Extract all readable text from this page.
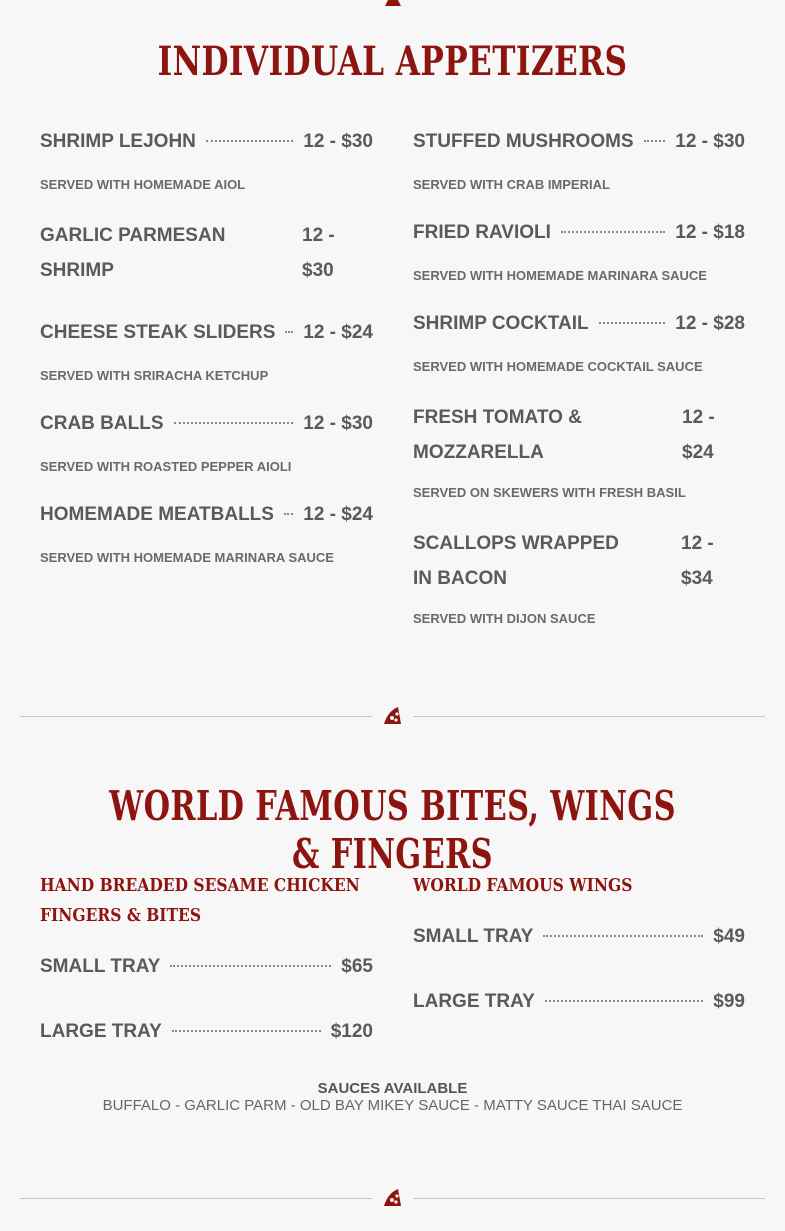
INDIVIDUAL APPETIZERS
SHRIMP LEJOHN	12 - $30
SERVED WITH HOMEMADE AIOL
GARLIC PARMESAN SHRIMP
12 - $30
CHEESE STEAK SLIDERS 12 - $24
SERVED WITH SRIRACHA KETCHUP
CRAB BALLS	12 - $30
SERVED WITH ROASTED PEPPER AIOLI
HOMEMADE MEATBALLS 12 - $24
SERVED WITH HOMEMADE MARINARA SAUCE
STUFFED MUSHROOMS 12 - $30
SERVED WITH CRAB IMPERIAL
FRIED RAVIOLI	12 - $18
SERVED WITH HOMEMADE MARINARA SAUCE
SHRIMP COCKTAIL	12 - $28
SERVED WITH HOMEMADE COCKTAIL SAUCE
FRESH TOMATO & MOZZARELLA
12 - $24
SERVED ON SKEWERS WITH FRESH BASIL
SCALLOPS WRAPPED IN BACON
12 - $34
SERVED WITH DIJON SAUCE
WORLD FAMOUS BITES, WINGS & FINGERS
HAND BREADED SESAME CHICKEN FINGERS & BITES
SMALL TRAY	$65
LARGE TRAY	$120
WORLD FAMOUS WINGS
SMALL TRAY	$49
LARGE TRAY	$99
SAUCES AVAILABLE
BUFFALO - GARLIC PARM - OLD BAY MIKEY SAUCE - MATTY SAUCE THAI SAUCE
